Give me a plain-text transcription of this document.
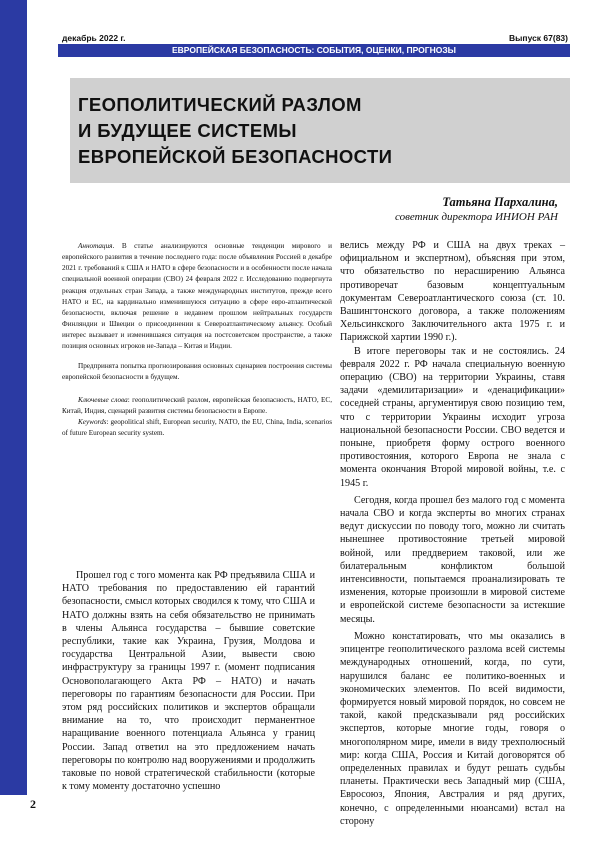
2
декабрь 2022 г.	Выпуск 67(83)
ЕВРОПЕЙСКАЯ БЕЗОПАСНОСТЬ: СОБЫТИЯ, ОЦЕНКИ, ПРОГНОЗЫ
ГЕОПОЛИТИЧЕСКИЙ РАЗЛОМ
И БУДУЩЕЕ СИСТЕМЫ
ЕВРОПЕЙСКОЙ БЕЗОПАСНОСТИ
Татьяна Пархалина,
советник директора ИНИОН РАН

Аннотация. В статье анализируются основные тенденции мирового и европейского развития в течение последнего года: после объявления Россией в декабре 2021 г. требований к США и НАТО в сфере безопасности и в особенности после начала специальной военной операции (СВО) 24 февраля 2022 г. Исследованию подвергнута реакция отдельных стран Запада, а также международных институтов, прежде всего НАТО и ЕС, на кардинально изменившуюся ситуацию в сфере евро-атлантической безопасности, включая решение в недавнем прошлом нейтральных государств Финляндии и Швеции о присоединении к Североатлантическому альянсу. Особый интерес вызывает и изменившаяся ситуация на постсоветском пространстве, а также позиция основных игроков не-Запада – Китая и Индии.

Предпринята попытка прогнозирования основных сценариев построения системы европейской безопасности в будущем.

Ключевые слова: геополитический разлом, европейская безопасность, НАТО, ЕС, Китай, Индия, сценарий развития системы безопасности в Европе.

Keywords: geopolitical shift, European security, NATO, the EU, China, India, scenarios of future European security system.

Прошел год с того момента как РФ предъявила США и НАТО требования по предоставлению ей гарантий безопасности, смысл которых сводился к тому, что США и НАТО должны взять на себя обязательство не принимать в члены Альянса государства – бывшие советские республики, такие как Украина, Грузия, Молдова и государства Центральной Азии, вывести свою инфраструктуру за границы 1997 г. (момент подписания Основополагающего Акта РФ – НАТО) и начать переговоры по гарантиям безопасности для России. При этом ряд российских политиков и экспертов обращали внимание на то, что происходит перманентное наращивание военного потенциала Альянса у границ России. Запад ответил на это предложением начать переговоры по контролю над вооружениями и продолжить таковые по новой стратегической стабильности (которые к тому моменту достаточно успешно

велись между РФ и США на двух треках – официальном и экспертном), объясняя при этом, что обязательство по нерасширению Альянса противоречат базовым концептуальным документам Североатлантического союза (ст. 10. Вашингтонского договора, а также положениям Хельсинкского Заключительного акта 1975 г. и Парижской хартии 1990 г.).

В итоге переговоры так и не состоялись. 24 февраля 2022 г. РФ начала специальную военную операцию (СВО) на территории Украины, ставя задачи «демилитаризации» и «денацификации» соседней страны, аргументируя свою позицию тем, что с территории Украины исходит угроза национальной безопасности России. СВО ведется и поныне, приобретя форму острого военного противостояния, которого Европа не знала с момента окончания Второй мировой войны, т.е. с 1945 г.

Сегодня, когда прошел без малого год с момента начала СВО и когда эксперты во многих странах ведут дискуссии по поводу того, можно ли считать нынешнее противостояние третьей мировой войной, или преддверием таковой, или же билатеральным конфликтом большой интенсивности, попытаемся проанализировать те изменения, которые произошли в мировой системе и европейской системе безопасности за истекшие месяцы.

Можно констатировать, что мы оказались в эпицентре геополитического разлома всей системы международных отношений, когда, по сути, нарушился баланс ее политико-военных и экономических элементов. По всей видимости, формируется новый мировой порядок, но совсем не такой, какой предсказывали ряд российских экспертов, которые многие годы, говоря о многополярном мире, имели в виду трехполюсный мир: когда США, Россия и Китай договорятся об определенных правилах и будут решать судьбы планеты. Практически весь Западный мир (США, Евросоюз, Япония, Австралия и ряд других, конечно, с определенными нюансами) встал на сторону
